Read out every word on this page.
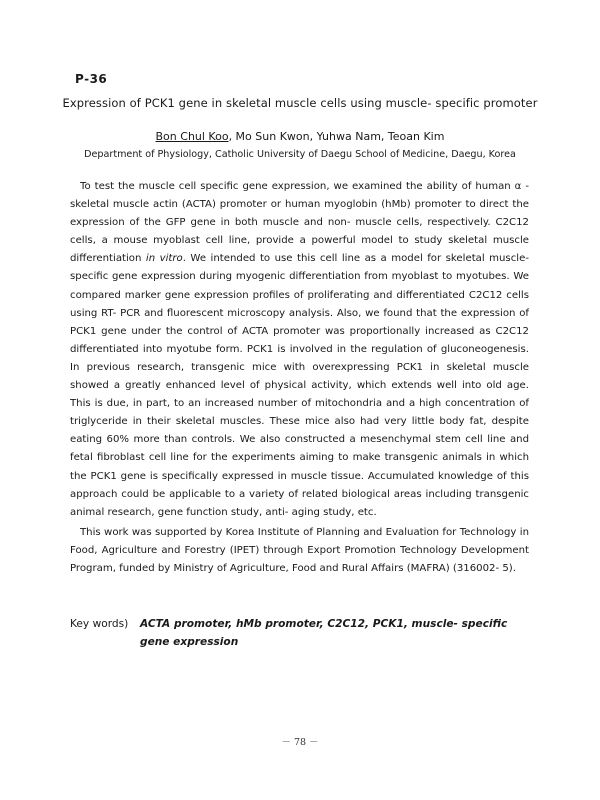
P-36
Expression of PCK1 gene in skeletal muscle cells using muscle- specific promoter
Bon Chul Koo, Mo Sun Kwon, Yuhwa Nam, Teoan Kim
Department of Physiology, Catholic University of Daegu School of Medicine, Daegu, Korea

To test the muscle cell specific gene expression, we examined the ability of human α - skeletal muscle actin (ACTA) promoter or human myoglobin (hMb) promoter to direct the expression of the GFP gene in both muscle and non- muscle cells, respectively. C2C12 cells, a mouse myoblast cell line, provide a powerful model to study skeletal muscle differentiation in vitro. We intended to use this cell line as a model for skeletal muscle- specific gene expression during myogenic differentiation from myoblast to myotubes. We compared marker gene expression profiles of proliferating and differentiated C2C12 cells using RT- PCR and fluorescent microscopy analysis. Also, we found that the expression of PCK1 gene under the control of ACTA promoter was proportionally increased as C2C12 differentiated into myotube form. PCK1 is involved in the regulation of gluconeogenesis. In previous research, transgenic mice with overexpressing PCK1 in skeletal muscle showed a greatly enhanced level of physical activity, which extends well into old age. This is due, in part, to an increased number of mitochondria and a high concentration of triglyceride in their skeletal muscles. These mice also had very little body fat, despite eating 60% more than controls. We also constructed a mesenchymal stem cell line and fetal fibroblast cell line for the experiments aiming to make transgenic animals in which the PCK1 gene is specifically expressed in muscle tissue. Accumulated knowledge of this approach could be applicable to a variety of related biological areas including transgenic animal research, gene function study, anti- aging study, etc.

This work was supported by Korea Institute of Planning and Evaluation for Technology in Food, Agriculture and Forestry (IPET) through Export Promotion Technology Development Program, funded by Ministry of Agriculture, Food and Rural Affairs (MAFRA) (316002- 5).

Key words) ACTA promoter, hMb promoter, C2C12, PCK1, muscle- specific gene expression
－ 78 －
